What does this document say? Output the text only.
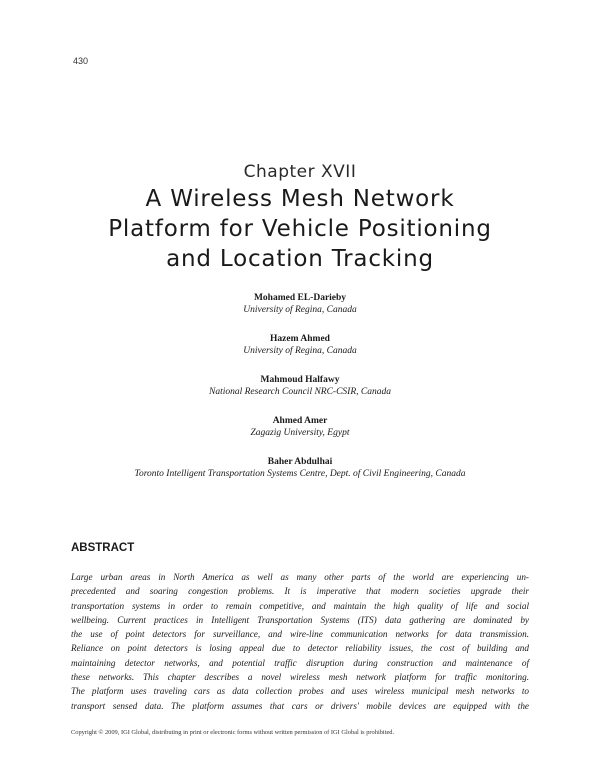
430
Chapter XVII
A Wireless Mesh Network
Platform for Vehicle Positioning
and Location Tracking
Mohamed EL-Darieby
University of Regina, Canada
Hazem Ahmed
University of Regina, Canada
Mahmoud Halfawy
National Research Council NRC-CSIR, Canada
Ahmed Amer
Zagazig University, Egypt
Baher Abdulhai
Toronto Intelligent Transportation Systems Centre, Dept. of Civil Engineering, Canada
ABSTRACT
Large urban areas in North America as well as many other parts of the world are experiencing un-
precedented and soaring congestion problems. It is imperative that modern societies upgrade their
transportation systems in order to remain competitive, and maintain the high quality of life and social
wellbeing. Current practices in Intelligent Transportation Systems (ITS) data gathering are dominated by
the use of point detectors for surveillance, and wire-line communication networks for data transmission.
Reliance on point detectors is losing appeal due to detector reliability issues, the cost of building and
maintaining detector networks, and potential traffic disruption during construction and maintenance of
these networks. This chapter describes a novel wireless mesh network platform for traffic monitoring.
The platform uses traveling cars as data collection probes and uses wireless municipal mesh networks to
transport sensed data. The platform assumes that cars or drivers' mobile devices are equipped with the
Copyright © 2009, IGI Global, distributing in print or electronic forms without written permission of IGI Global is prohibited.
